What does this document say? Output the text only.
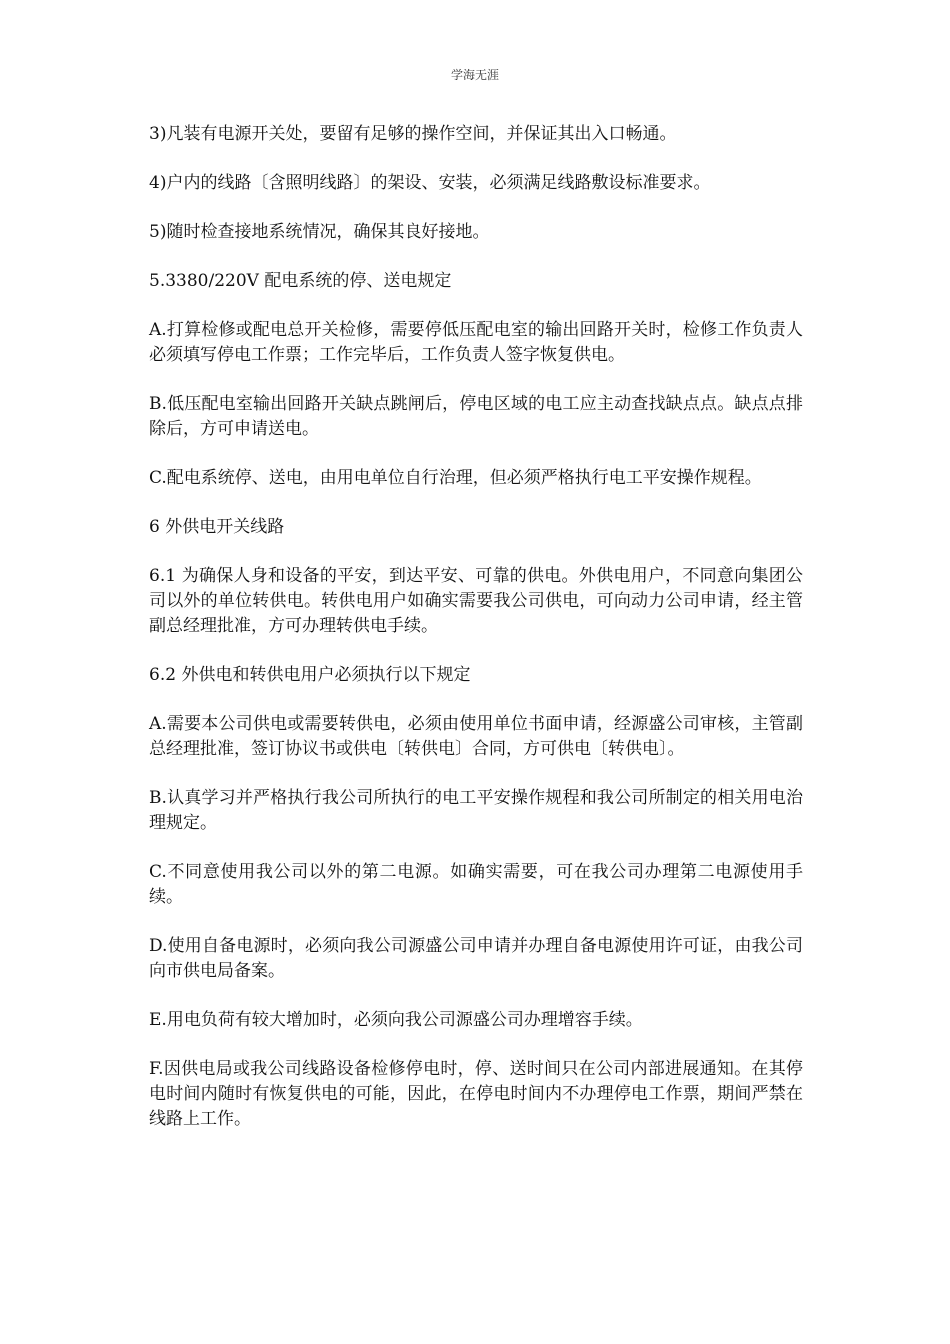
学海无涯

3)凡装有电源开关处，要留有足够的操作空间，并保证其出入口畅通。

4)户内的线路〔含照明线路〕的架设、安装，必须满足线路敷设标准要求。

5)随时检查接地系统情况，确保其良好接地。

5.3380/220V 配电系统的停、送电规定

A.打算检修或配电总开关检修，需要停低压配电室的输出回路开关时，检修工作负责人必须填写停电工作票；工作完毕后，工作负责人签字恢复供电。

B.低压配电室输出回路开关缺点跳闸后，停电区域的电工应主动查找缺点点。缺点点排除后，方可申请送电。

C.配电系统停、送电，由用电单位自行治理，但必须严格执行电工平安操作规程。

6 外供电开关线路

6.1 为确保人身和设备的平安，到达平安、可靠的供电。外供电用户，不同意向集团公司以外的单位转供电。转供电用户如确实需要我公司供电，可向动力公司申请，经主管副总经理批准，方可办理转供电手续。

6.2 外供电和转供电用户必须执行以下规定

A.需要本公司供电或需要转供电，必须由使用单位书面申请，经源盛公司审核，主管副总经理批准，签订协议书或供电〔转供电〕合同，方可供电〔转供电〕。

B.认真学习并严格执行我公司所执行的电工平安操作规程和我公司所制定的相关用电治理规定。

C.不同意使用我公司以外的第二电源。如确实需要，可在我公司办理第二电源使用手续。

D.使用自备电源时，必须向我公司源盛公司申请并办理自备电源使用许可证，由我公司向市供电局备案。

E.用电负荷有较大增加时，必须向我公司源盛公司办理增容手续。

F.因供电局或我公司线路设备检修停电时，停、送时间只在公司内部进展通知。在其停电时间内随时有恢复供电的可能，因此，在停电时间内不办理停电工作票，期间严禁在线路上工作。
